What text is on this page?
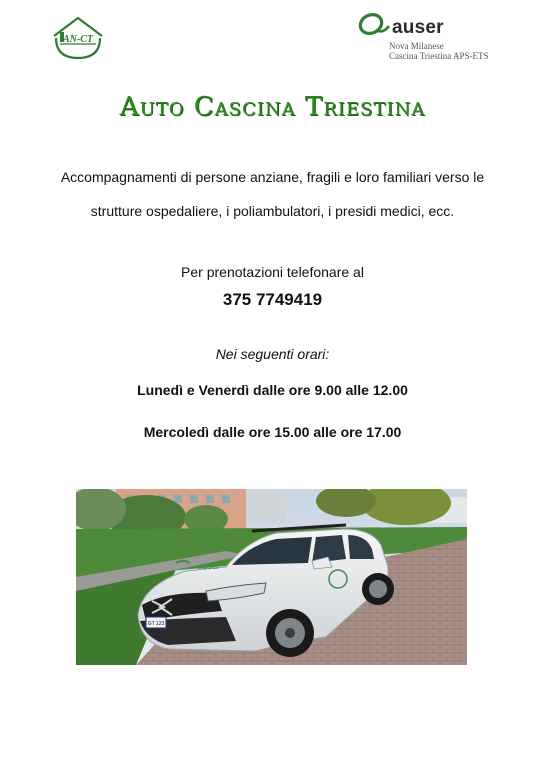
AN-CT
auser
Nova Milanese
Cascina Triestina APS-ETS
Auto Cascina Triestina
Accompagnamenti di persone anziane, fragili e loro familiari verso le
strutture ospedaliere, i poliambulatori, i presidi medici, ecc.
Per prenotazioni telefonare al
375 7749419
Nei seguenti orari:
Lunedì e Venerdì dalle ore 9.00 alle 12.00
Mercoledì dalle ore 15.00 alle ore 17.00
GT 123
auser
